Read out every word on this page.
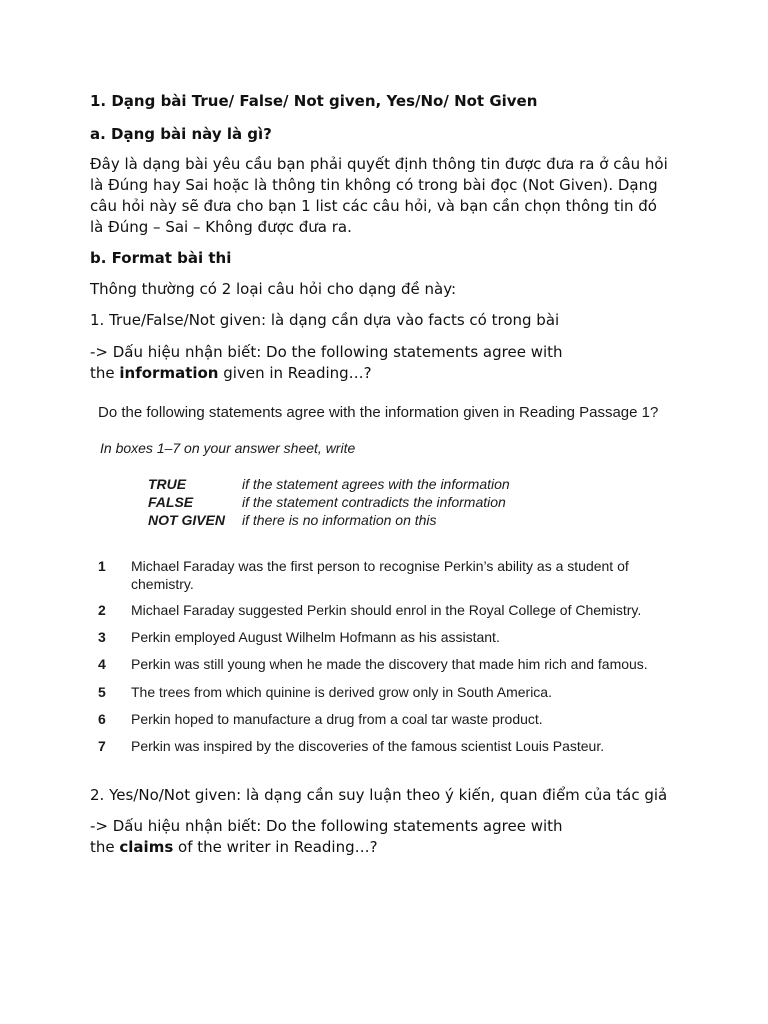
1. Dạng bài True/ False/ Not given, Yes/No/ Not Given

a. Dạng bài này là gì?

Đây là dạng bài yêu cầu bạn phải quyết định thông tin được đưa ra ở câu hỏi

là Đúng hay Sai hoặc là thông tin không có trong bài đọc (Not Given). Dạng

câu hỏi này sẽ đưa cho bạn 1 list các câu hỏi, và bạn cần chọn thông tin đó

là Đúng – Sai – Không được đưa ra.

b. Format bài thi

Thông thường có 2 loại câu hỏi cho dạng đề này:

1. True/False/Not given: là dạng cần dựa vào facts có trong bài

-> Dấu hiệu nhận biết: Do the following statements agree with

the information given in Reading…?

Do the following statements agree with the information given in Reading Passage 1?
In boxes 1–7 on your answer sheet, write
TRUE	if the statement agrees with the information
FALSE	if the statement contradicts the information
NOT GIVEN if there is no information on this
1	Michael Faraday was the first person to recognise Perkin’s ability as a student of chemistry.
2	Michael Faraday suggested Perkin should enrol in the Royal College of Chemistry.
3	Perkin employed August Wilhelm Hofmann as his assistant.
4	Perkin was still young when he made the discovery that made him rich and famous.
5	The trees from which quinine is derived grow only in South America.
6	Perkin hoped to manufacture a drug from a coal tar waste product.
7	Perkin was inspired by the discoveries of the famous scientist Louis Pasteur.

2. Yes/No/Not given: là dạng cần suy luận theo ý kiến, quan điểm của tác giả

-> Dấu hiệu nhận biết: Do the following statements agree with

the claims of the writer in Reading…?
